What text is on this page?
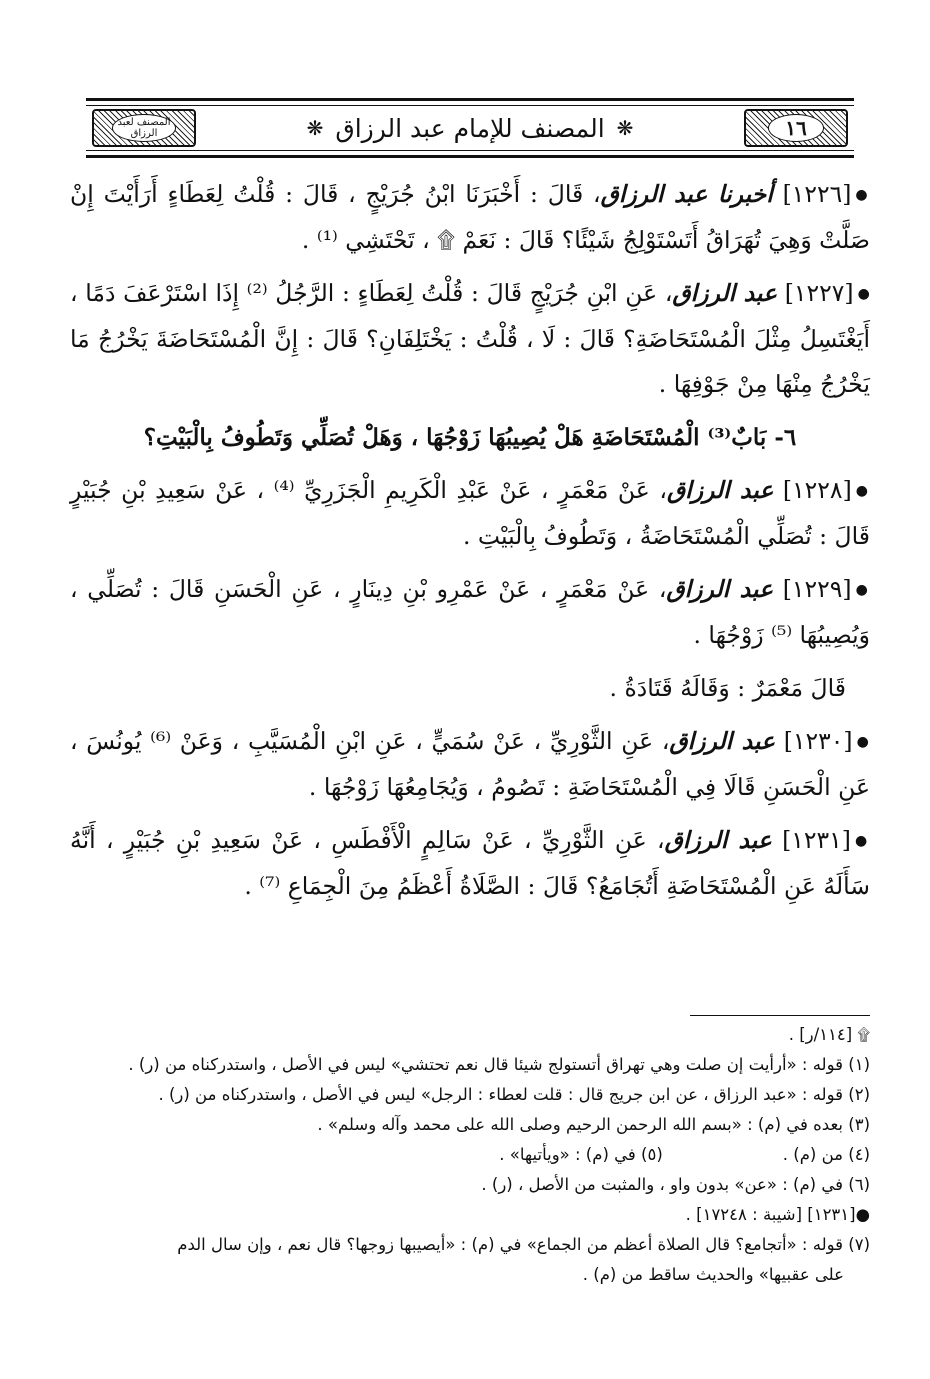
المصنف لعبد الرزاق	❋
المصنف للإمام عبد الرزاق
❋	١٦

●[١٢٢٦] أخبرنا عبد الرزاق، قَالَ : أَخْبَرَنَا ابْنُ جُرَيْجٍ ، قَالَ : قُلْتُ لِعَطَاءٍ أَرَأَيْتَ إِنْ صَلَّتْ وَهِيَ تُهَرَاقُ أَتَسْتَوْلِجُ شَيْئًا؟ قَالَ : نَعَمْ ۩ ، تَحْتَشِي ⁽¹⁾ .

●[١٢٢٧] عبد الرزاق، عَنِ ابْنِ جُرَيْجٍ قَالَ : قُلْتُ لِعَطَاءٍ : الرَّجُلُ ⁽²⁾ إِذَا اسْتَرْعَفَ دَمًا ، أَيَغْتَسِلُ مِثْلَ الْمُسْتَحَاضَةِ؟ قَالَ : لَا ، قُلْتُ : يَخْتَلِفَانِ؟ قَالَ : إِنَّ الْمُسْتَحَاضَةَ يَخْرُجُ مَا يَخْرُجُ مِنْهَا مِنْ جَوْفِهَا .

٦- بَابٌ⁽³⁾ الْمُسْتَحَاضَةِ هَلْ يُصِيبُهَا زَوْجُهَا ، وَهَلْ تُصَلِّي وَتَطُوفُ بِالْبَيْتِ؟

●[١٢٢٨] عبد الرزاق، عَنْ مَعْمَرٍ ، عَنْ عَبْدِ الْكَرِيمِ الْجَزَرِيِّ ⁽⁴⁾ ، عَنْ سَعِيدِ بْنِ جُبَيْرٍ قَالَ : تُصَلِّي الْمُسْتَحَاضَةُ ، وَتَطُوفُ بِالْبَيْتِ .

●[١٢٢٩] عبد الرزاق، عَنْ مَعْمَرٍ ، عَنْ عَمْرِو بْنِ دِينَارٍ ، عَنِ الْحَسَنِ قَالَ : تُصَلِّي ، وَيُصِيبُهَا ⁽⁵⁾ زَوْجُهَا .

قَالَ مَعْمَرٌ : وَقَالَهُ قَتَادَةُ .

●[١٢٣٠] عبد الرزاق، عَنِ الثَّوْرِيِّ ، عَنْ سُمَيٍّ ، عَنِ ابْنِ الْمُسَيَّبِ ، وَعَنْ ⁽⁶⁾ يُونُسَ ، عَنِ الْحَسَنِ قَالَا فِي الْمُسْتَحَاضَةِ : تَصُومُ ، وَيُجَامِعُهَا زَوْجُهَا .

●[١٢٣١] عبد الرزاق، عَنِ الثَّوْرِيِّ ، عَنْ سَالِمٍ الْأَفْطَسِ ، عَنْ سَعِيدِ بْنِ جُبَيْرٍ ، أَنَّهُ سَأَلَهُ عَنِ الْمُسْتَحَاضَةِ أَتُجَامَعُ؟ قَالَ : الصَّلَاةُ أَعْظَمُ مِنَ الْجِمَاعِ ⁽⁷⁾ .

۩ [١١٤/ر] .

(١) قوله : «أرأيت إن صلت وهي تهراق أتستولج شيئا قال نعم تحتشي» ليس في الأصل ، واستدركناه من (ر) .

(٢) قوله : «عبد الرزاق ، عن ابن جريج قال : قلت لعطاء : الرجل» ليس في الأصل ، واستدركناه من (ر) .

(٣) بعده في (م) : «بسم الله الرحمن الرحيم وصلى الله على محمد وآله وسلم» .

(٤) من (م) .
(٥) في (م) : «ويأتيها» .

(٦) في (م) : «عن» بدون واو ، والمثبت من الأصل ، (ر) .

●[١٢٣١] [شيبة : ١٧٢٤٨] .

(٧) قوله : «أتجامع؟ قال الصلاة أعظم من الجماع» في (م) : «أيصيبها زوجها؟ قال نعم ، وإن سال الدم

على عقبيها» والحديث ساقط من (م) .
